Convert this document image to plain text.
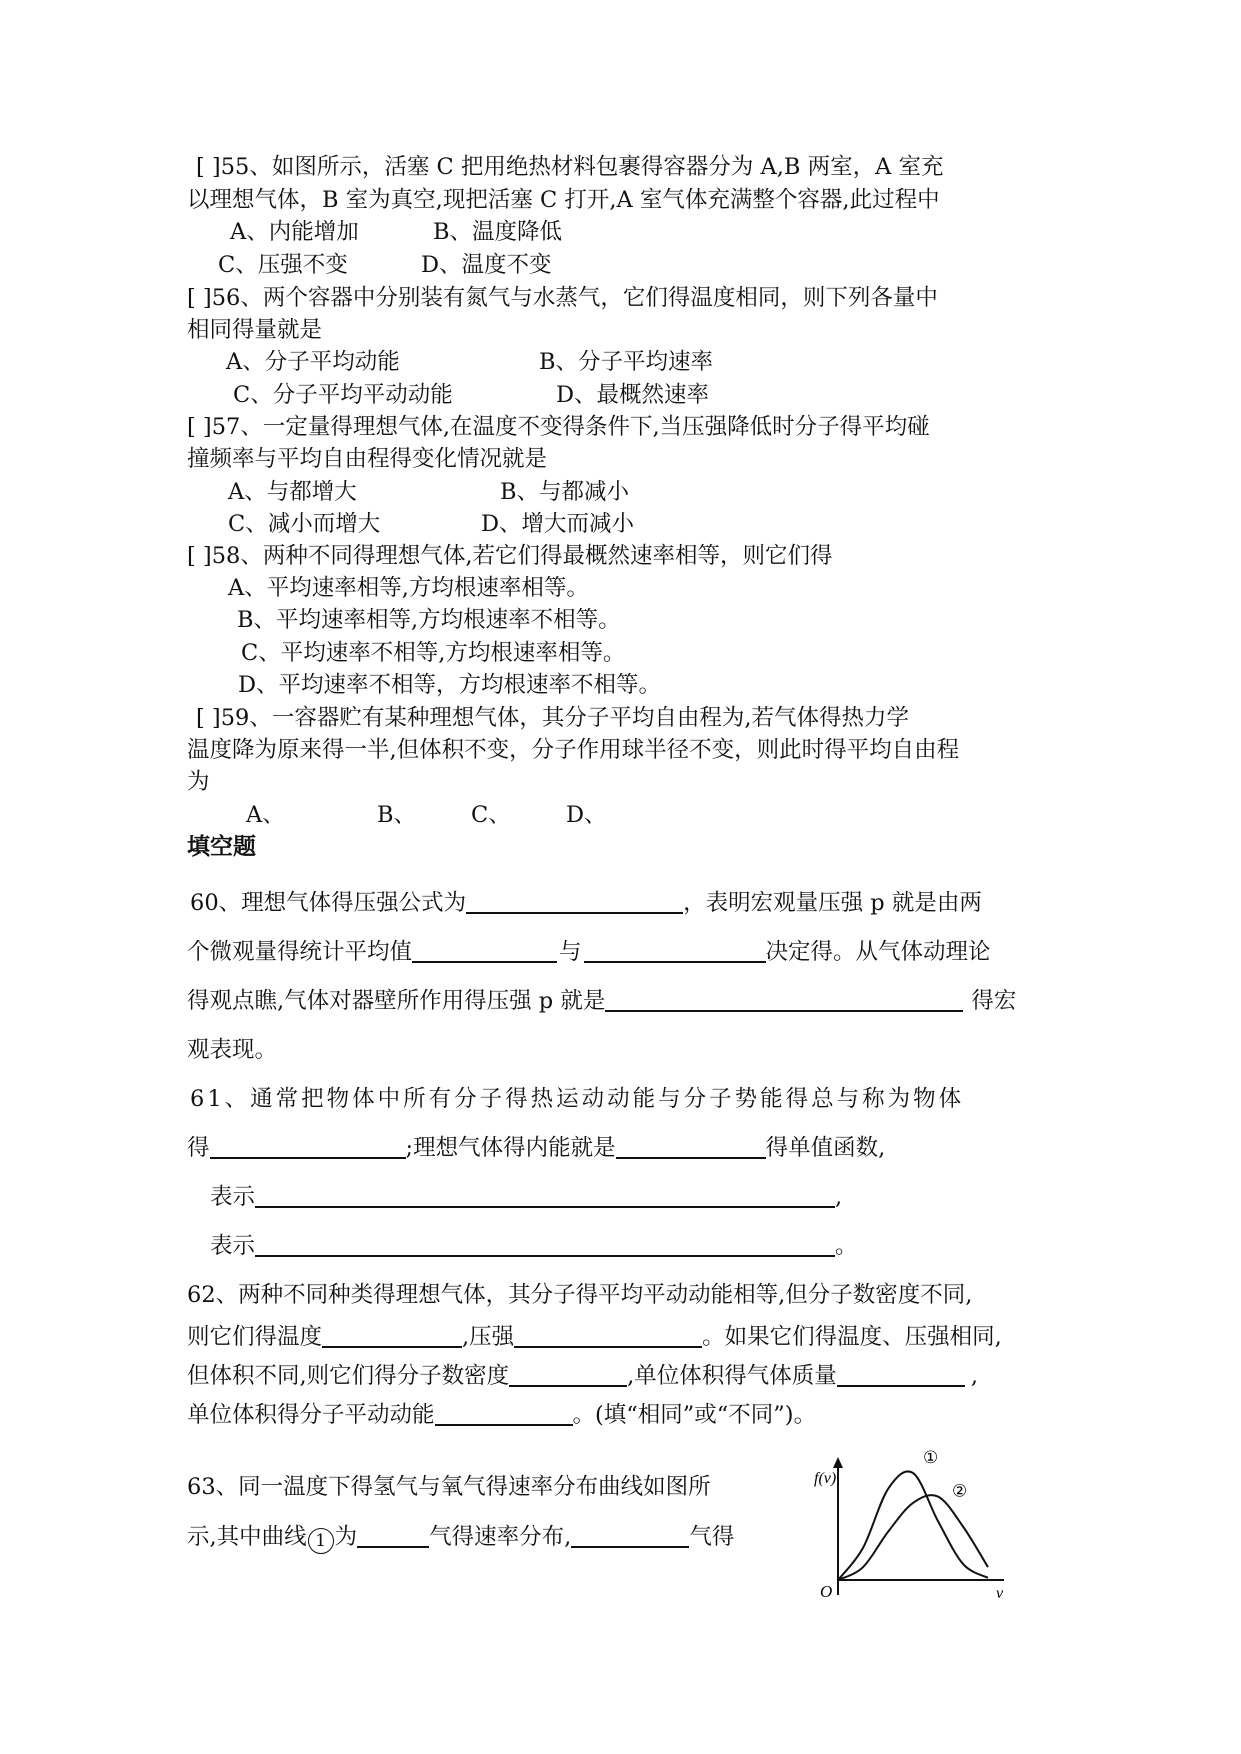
[ ]55、如图所示，活塞 C 把用绝热材料包裹得容器分为 A,B 两室，A 室充
以理想气体，B 室为真空,现把活塞 C 打开,A 室气体充满整个容器,此过程中
A、内能增加	B、温度降低
C、压强不变	D、温度不变
[ ]56、两个容器中分别装有氮气与水蒸气，它们得温度相同，则下列各量中
相同得量就是
A、分子平均动能	B、分子平均速率
C、分子平均平动动能	D、最概然速率
[ ]57、一定量得理想气体,在温度不变得条件下,当压强降低时分子得平均碰
撞频率与平均自由程得变化情况就是
A、与都增大	B、与都减小
C、减小而增大	D、增大而减小
[ ]58、两种不同得理想气体,若它们得最概然速率相等，则它们得
A、平均速率相等,方均根速率相等。
B、平均速率相等,方均根速率不相等。
C、平均速率不相等,方均根速率相等。
D、平均速率不相等，方均根速率不相等。
[ ]59、一容器贮有某种理想气体，其分子平均自由程为,若气体得热力学
温度降为原来得一半,但体积不变，分子作用球半径不变，则此时得平均自由程
为
A、	B、 C、 D、
填空题
60、理想气体得压强公式为	，表明宏观量压强 p 就是由两
个微观量得统计平均值	与	决定得。从气体动理论
得观点瞧,气体对器壁所作用得压强 p 就是	得宏
观表现。
61、通常把物体中所有分子得热运动动能与分子势能得总与称为物体
得	;理想气体得内能就是	得单值函数,
表示	,
表示	。
62、两种不同种类得理想气体，其分子得平均平动动能相等,但分子数密度不同,
则它们得温度	,压强	。如果它们得温度、压强相同,
但体积不同,则它们得分子数密度	,单位体积得气体质量	,
单位体积得分子平动动能	。(填“相同”或“不同”)。
63、同一温度下得氢气与氧气得速率分布曲线如图所
示,其中曲线 1 为	气得速率分布,	气得
f(v)
O	v
①
②
